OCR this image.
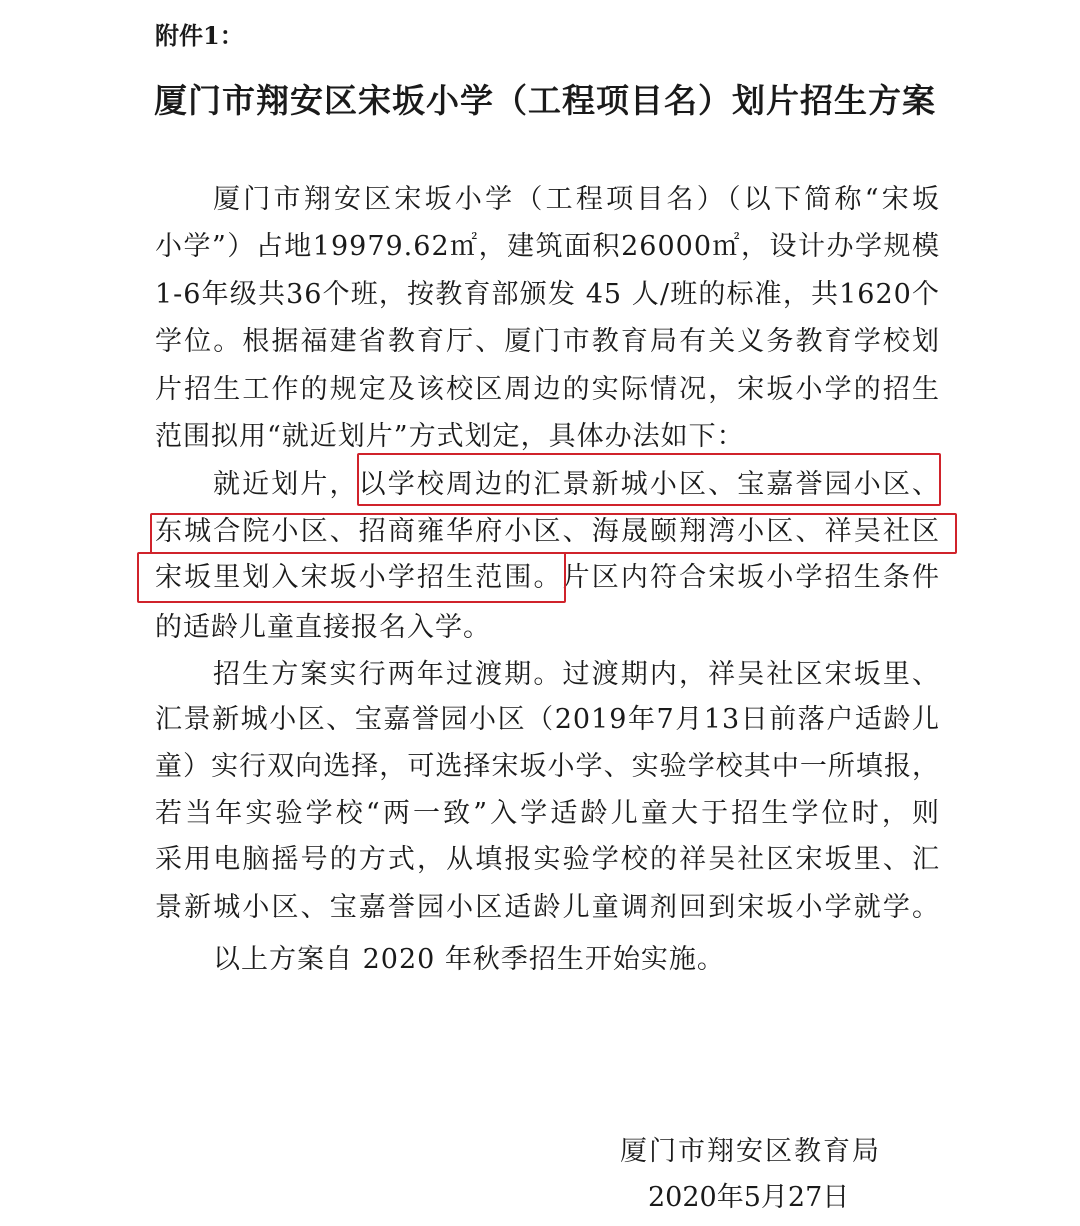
附件1：
厦门市翔安区宋坂小学（工程项目名）划片招生方案
厦门市翔安区宋坂小学（工程项目名）（以下简称“宋坂
小学”）占地19979.62㎡，建筑面积26000㎡，设计办学规模
1-6年级共36个班，按教育部颁发 45 人/班的标准，共1620个
学位。根据福建省教育厅、厦门市教育局有关义务教育学校划
片招生工作的规定及该校区周边的实际情况，宋坂小学的招生
范围拟用“就近划片”方式划定，具体办法如下：
就近划片，以学校周边的汇景新城小区、宝嘉誉园小区、
东城合院小区、招商雍华府小区、海晟颐翔湾小区、祥吴社区
宋坂里划入宋坂小学招生范围。片区内符合宋坂小学招生条件
的适龄儿童直接报名入学。
招生方案实行两年过渡期。过渡期内，祥吴社区宋坂里、
汇景新城小区、宝嘉誉园小区（2019年7月13日前落户适龄儿
童）实行双向选择，可选择宋坂小学、实验学校其中一所填报，
若当年实验学校“两一致”入学适龄儿童大于招生学位时，则
采用电脑摇号的方式，从填报实验学校的祥吴社区宋坂里、汇
景新城小区、宝嘉誉园小区适龄儿童调剂回到宋坂小学就学。
以上方案自 2020 年秋季招生开始实施。
厦门市翔安区教育局
2020年5月27日
